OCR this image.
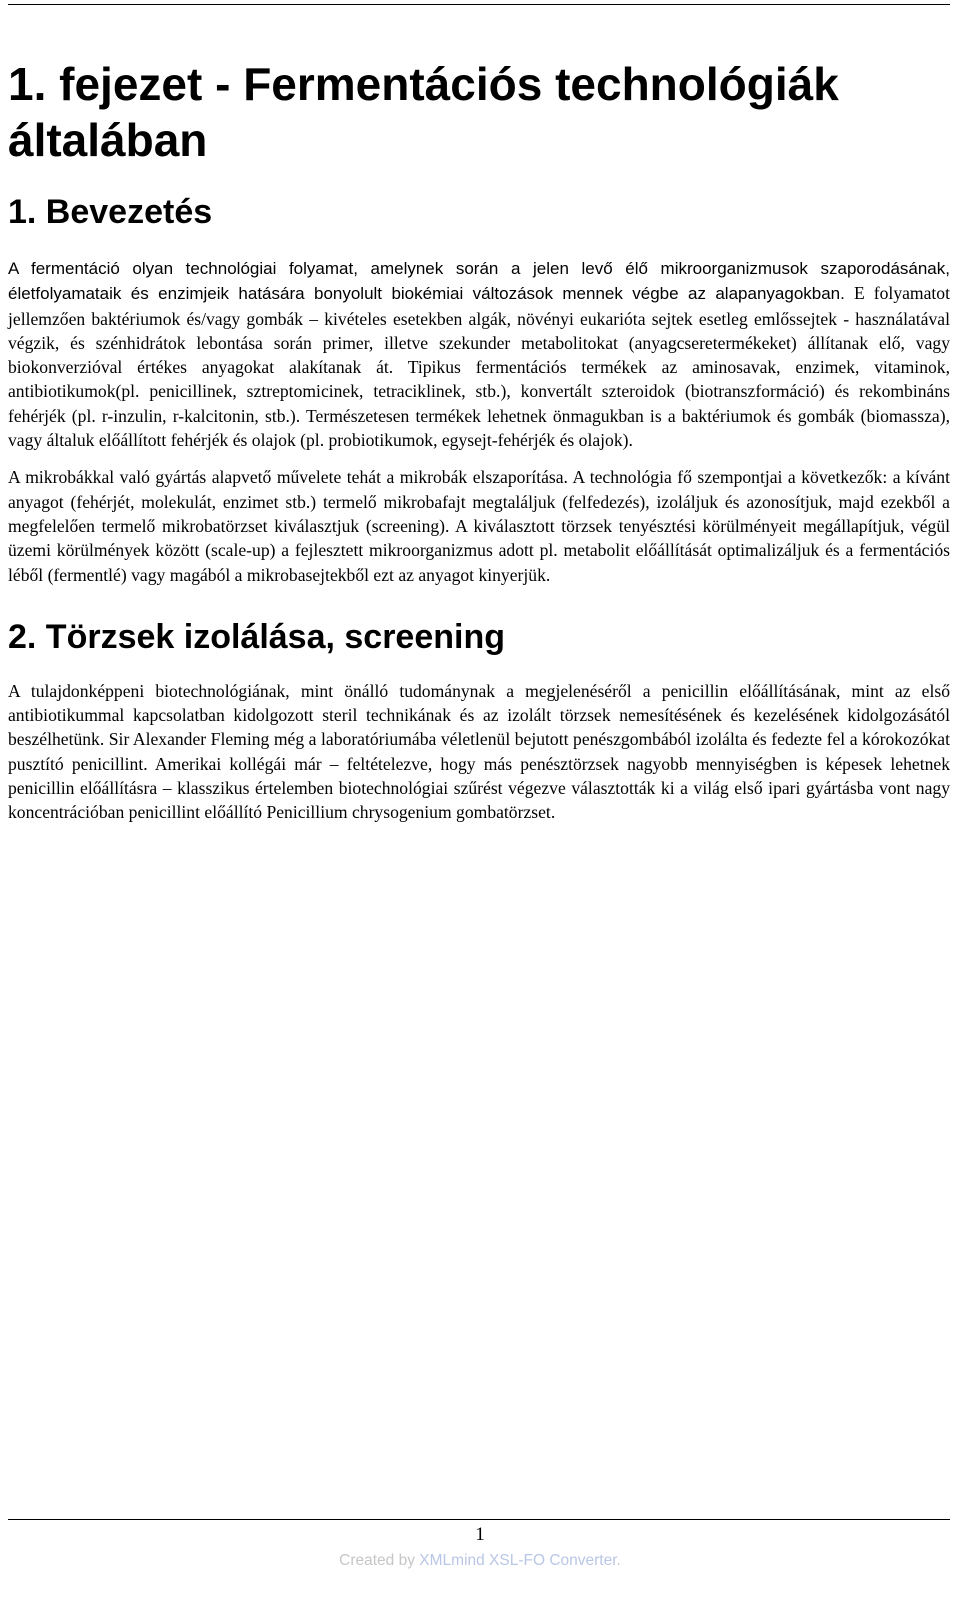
1. fejezet - Fermentációs technológiák általában
1. Bevezetés

A fermentáció olyan technológiai folyamat, amelynek során a jelen levő élő mikroorganizmusok szaporodásának, életfolyamataik és enzimjeik hatására bonyolult biokémiai változások mennek végbe az alapanyagokban. E folyamatot jellemzően baktériumok és/vagy gombák – kivételes esetekben algák, növényi eukarióta sejtek esetleg emlőssejtek - használatával végzik, és szénhidrátok lebontása során primer, illetve szekunder metabolitokat (anyagcseretermékeket) állítanak elő, vagy biokonverzióval értékes anyagokat alakítanak át. Tipikus fermentációs termékek az aminosavak, enzimek, vitaminok, antibiotikumok(pl. penicillinek, sztreptomicinek, tetraciklinek, stb.), konvertált szteroidok (biotranszformáció) és rekombináns fehérjék (pl. r-inzulin, r-kalcitonin, stb.). Természetesen termékek lehetnek önmagukban is a baktériumok és gombák (biomassza), vagy általuk előállított fehérjék és olajok (pl. probiotikumok, egysejt-fehérjék és olajok).

A mikrobákkal való gyártás alapvető művelete tehát a mikrobák elszaporítása. A technológia fő szempontjai a következők: a kívánt anyagot (fehérjét, molekulát, enzimet stb.) termelő mikrobafajt megtaláljuk (felfedezés), izoláljuk és azonosítjuk, majd ezekből a megfelelően termelő mikrobatörzset kiválasztjuk (screening). A kiválasztott törzsek tenyésztési körülményeit megállapítjuk, végül üzemi körülmények között (scale-up) a fejlesztett mikroorganizmus adott pl. metabolit előállítását optimalizáljuk és a fermentációs léből (fermentlé) vagy magából a mikrobasejtekből ezt az anyagot kinyerjük.

2. Törzsek izolálása, screening

A tulajdonképpeni biotechnológiának, mint önálló tudománynak a megjelenéséről a penicillin előállításának, mint az első antibiotikummal kapcsolatban kidolgozott steril technikának és az izolált törzsek nemesítésének és kezelésének kidolgozásától beszélhetünk. Sir Alexander Fleming még a laboratóriumába véletlenül bejutott penészgombából izolálta és fedezte fel a kórokozókat pusztító penicillint. Amerikai kollégái már – feltételezve, hogy más penésztörzsek nagyobb mennyiségben is képesek lehetnek penicillin előállításra – klasszikus értelemben biotechnológiai szűrést végezve választották ki a világ első ipari gyártásba vont nagy koncentrációban penicillint előállító Penicillium chrysogenium gombatörzset.

1
Created by XMLmind XSL-FO Converter.
